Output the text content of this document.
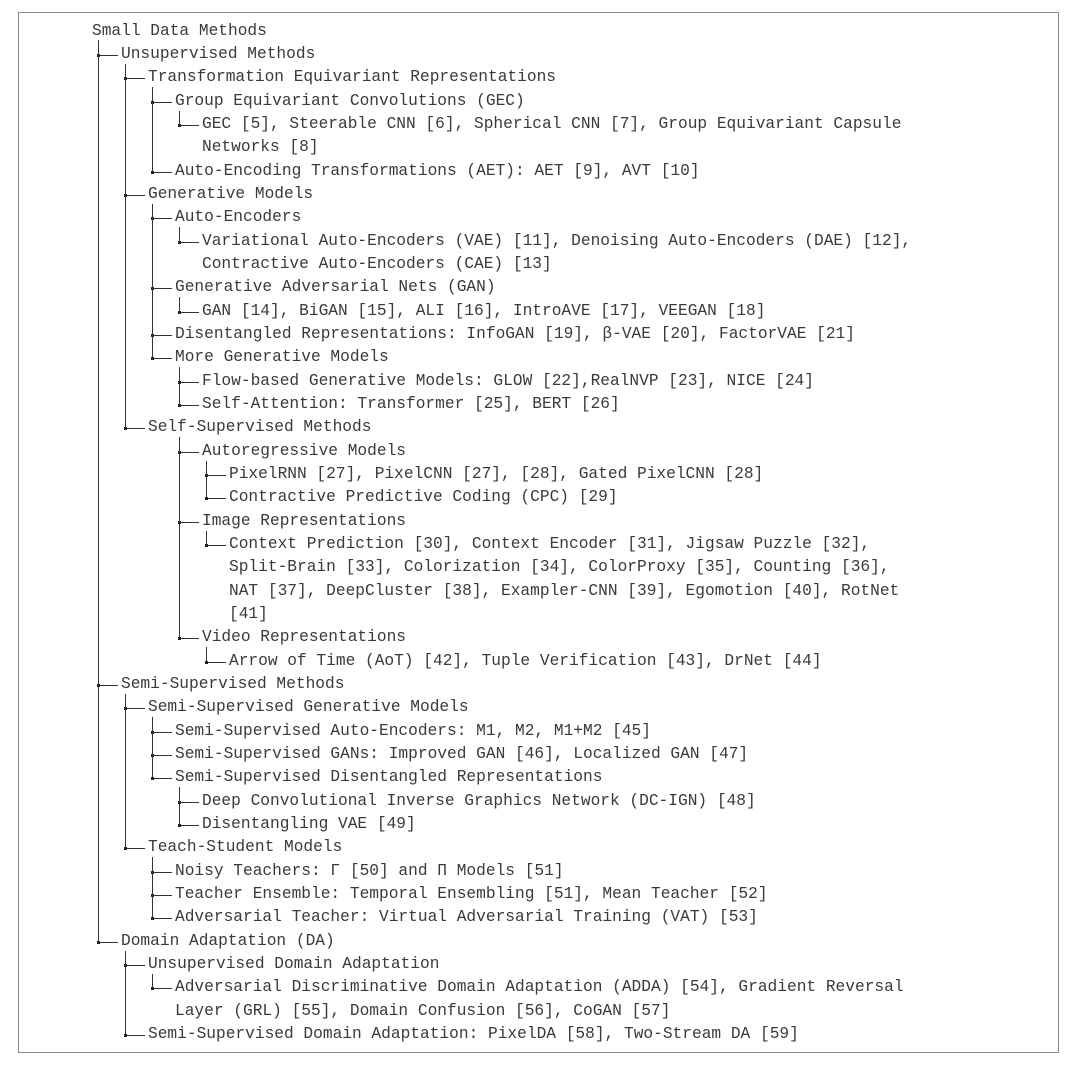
Small Data Methods
Unsupervised Methods
Transformation Equivariant Representations
Group Equivariant Convolutions (GEC)
GEC [5], Steerable CNN [6], Spherical CNN [7], Group Equivariant Capsule
Networks [8]
Auto-Encoding Transformations (AET): AET [9], AVT [10]
Generative Models
Auto-Encoders
Variational Auto-Encoders (VAE) [11], Denoising Auto-Encoders (DAE) [12],
Contractive Auto-Encoders (CAE) [13]
Generative Adversarial Nets (GAN)
GAN [14], BiGAN [15], ALI [16], IntroAVE [17], VEEGAN [18]
Disentangled Representations: InfoGAN [19], β-VAE [20], FactorVAE [21]
More Generative Models
Flow-based Generative Models: GLOW [22],RealNVP [23], NICE [24]
Self-Attention: Transformer [25], BERT [26]
Self-Supervised Methods
Autoregressive Models
PixelRNN [27], PixelCNN [27], [28], Gated PixelCNN [28]
Contractive Predictive Coding (CPC) [29]
Image Representations
Context Prediction [30], Context Encoder [31], Jigsaw Puzzle [32],
Split-Brain [33], Colorization [34], ColorProxy [35], Counting [36],
NAT [37], DeepCluster [38], Exampler-CNN [39], Egomotion [40], RotNet
[41]
Video Representations
Arrow of Time (AoT) [42], Tuple Verification [43], DrNet [44]
Semi-Supervised Methods
Semi-Supervised Generative Models
Semi-Supervised Auto-Encoders: M1, M2, M1+M2 [45]
Semi-Supervised GANs: Improved GAN [46], Localized GAN [47]
Semi-Supervised Disentangled Representations
Deep Convolutional Inverse Graphics Network (DC-IGN) [48]
Disentangling VAE [49]
Teach-Student Models
Noisy Teachers: Γ [50] and Π Models [51]
Teacher Ensemble: Temporal Ensembling [51], Mean Teacher [52]
Adversarial Teacher: Virtual Adversarial Training (VAT) [53]
Domain Adaptation (DA)
Unsupervised Domain Adaptation
Adversarial Discriminative Domain Adaptation (ADDA) [54], Gradient Reversal
Layer (GRL) [55], Domain Confusion [56], CoGAN [57]
Semi-Supervised Domain Adaptation: PixelDA [58], Two-Stream DA [59]
